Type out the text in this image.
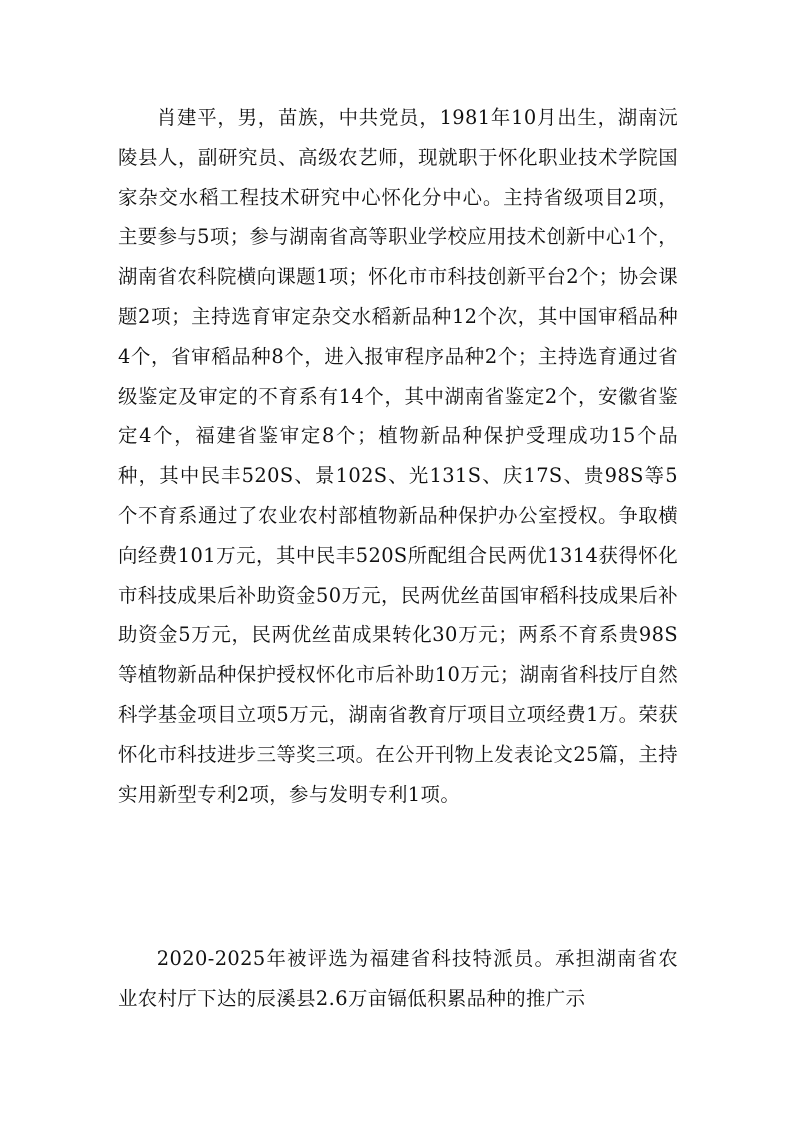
肖建平，男，苗族，中共党员，1981年10月出生，湖南沅陵县人，副研究员、高级农艺师，现就职于怀化职业技术学院国家杂交水稻工程技术研究中心怀化分中心。主持省级项目2项，主要参与5项；参与湖南省高等职业学校应用技术创新中心1个，湖南省农科院横向课题1项；怀化市市科技创新平台2个；协会课题2项；主持选育审定杂交水稻新品种12个次，其中国审稻品种4个，省审稻品种8个，进入报审程序品种2个；主持选育通过省级鉴定及审定的不育系有14个，其中湖南省鉴定2个，安徽省鉴定4个，福建省鉴审定8个；植物新品种保护受理成功15个品种，其中民丰520S、景102S、光131S、庆17S、贵98S等5个不育系通过了农业农村部植物新品种保护办公室授权。争取横向经费101万元，其中民丰520S所配组合民两优1314获得怀化市科技成果后补助资金50万元，民两优丝苗国审稻科技成果后补助资金5万元，民两优丝苗成果转化30万元；两系不育系贵98S等植物新品种保护授权怀化市后补助10万元；湖南省科技厅自然科学基金项目立项5万元，湖南省教育厅项目立项经费1万。荣获怀化市科技进步三等奖三项。在公开刊物上发表论文25篇，主持实用新型专利2项，参与发明专利1项。

2020-2025年被评选为福建省科技特派员。承担湖南省农业农村厅下达的辰溪县2.6万亩镉低积累品种的推广示
